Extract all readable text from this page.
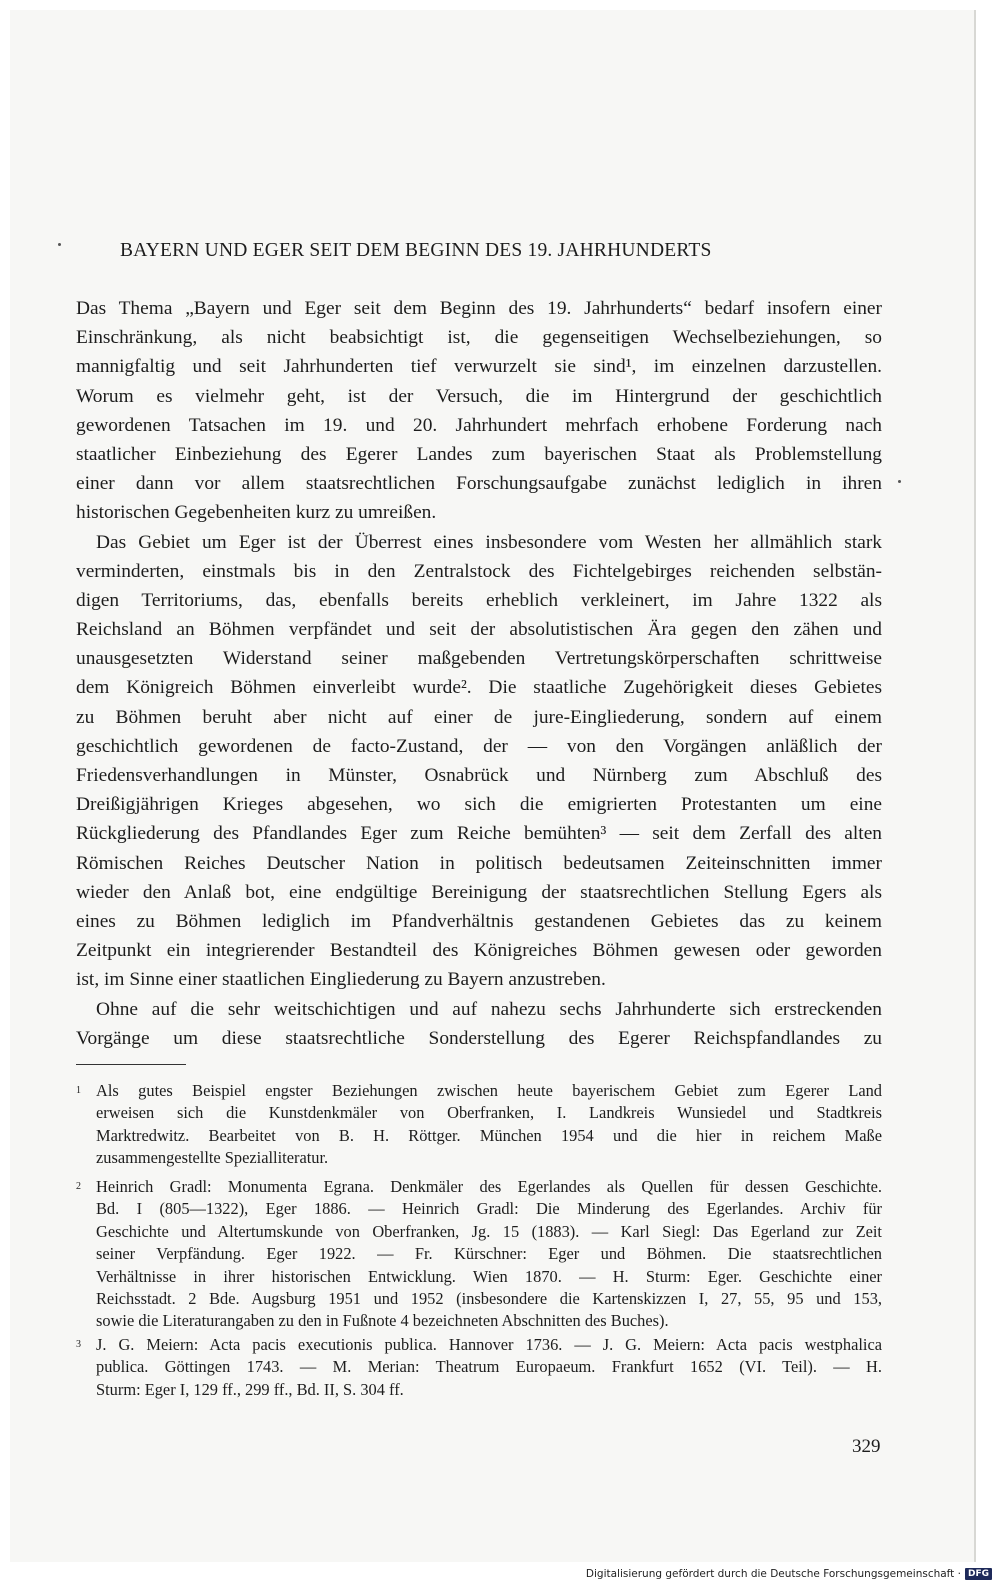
BAYERN UND EGER SEIT DEM BEGINN DES 19. JAHRHUNDERTS
Das Thema „Bayern und Eger seit dem Beginn des 19. Jahrhunderts“ bedarf insofern einer
Einschränkung, als nicht beabsichtigt ist, die gegenseitigen Wechselbeziehungen, so
mannigfaltig und seit Jahrhunderten tief verwurzelt sie sind¹, im einzelnen darzustellen.
Worum es vielmehr geht, ist der Versuch, die im Hintergrund der geschichtlich
gewordenen Tatsachen im 19. und 20. Jahrhundert mehrfach erhobene Forderung nach
staatlicher Einbeziehung des Egerer Landes zum bayerischen Staat als Problemstellung
einer dann vor allem staatsrechtlichen Forschungsaufgabe zunächst lediglich in ihren
historischen Gegebenheiten kurz zu umreißen.
Das Gebiet um Eger ist der Überrest eines insbesondere vom Westen her allmählich stark
verminderten, einstmals bis in den Zentralstock des Fichtelgebirges reichenden selbstän-
digen Territoriums, das, ebenfalls bereits erheblich verkleinert, im Jahre 1322 als
Reichsland an Böhmen verpfändet und seit der absolutistischen Ära gegen den zähen und
unausgesetzten Widerstand seiner maßgebenden Vertretungskörperschaften schrittweise
dem Königreich Böhmen einverleibt wurde². Die staatliche Zugehörigkeit dieses Gebietes
zu Böhmen beruht aber nicht auf einer de jure-Eingliederung, sondern auf einem
geschichtlich gewordenen de facto-Zustand, der — von den Vorgängen anläßlich der
Friedensverhandlungen in Münster, Osnabrück und Nürnberg zum Abschluß des
Dreißigjährigen Krieges abgesehen, wo sich die emigrierten Protestanten um eine
Rückgliederung des Pfandlandes Eger zum Reiche bemühten³ — seit dem Zerfall des alten
Römischen Reiches Deutscher Nation in politisch bedeutsamen Zeiteinschnitten immer
wieder den Anlaß bot, eine endgültige Bereinigung der staatsrechtlichen Stellung Egers als
eines zu Böhmen lediglich im Pfandverhältnis gestandenen Gebietes das zu keinem
Zeitpunkt ein integrierender Bestandteil des Königreiches Böhmen gewesen oder geworden
ist, im Sinne einer staatlichen Eingliederung zu Bayern anzustreben.
Ohne auf die sehr weitschichtigen und auf nahezu sechs Jahrhunderte sich erstreckenden
Vorgänge um diese staatsrechtliche Sonderstellung des Egerer Reichspfandlandes zu
1 Als gutes Beispiel engster Beziehungen zwischen heute bayerischem Gebiet zum Egerer Land
erweisen sich die Kunstdenkmäler von Oberfranken, I. Landkreis Wunsiedel und Stadtkreis
Marktredwitz. Bearbeitet von B. H. Röttger. München 1954 und die hier in reichem Maße
zusammengestellte Spezialliteratur.
2 Heinrich Gradl: Monumenta Egrana. Denkmäler des Egerlandes als Quellen für dessen Geschichte.
Bd. I (805—1322), Eger 1886. — Heinrich Gradl: Die Minderung des Egerlandes. Archiv für
Geschichte und Altertumskunde von Oberfranken, Jg. 15 (1883). — Karl Siegl: Das Egerland zur Zeit
seiner Verpfändung. Eger 1922. — Fr. Kürschner: Eger und Böhmen. Die staatsrechtlichen
Verhältnisse in ihrer historischen Entwicklung. Wien 1870. — H. Sturm: Eger. Geschichte einer
Reichsstadt. 2 Bde. Augsburg 1951 und 1952 (insbesondere die Kartenskizzen I, 27, 55, 95 und 153,
sowie die Literaturangaben zu den in Fußnote 4 bezeichneten Abschnitten des Buches).
3 J. G. Meiern: Acta pacis executionis publica. Hannover 1736. — J. G. Meiern: Acta pacis westphalica
publica. Göttingen 1743. — M. Merian: Theatrum Europaeum. Frankfurt 1652 (VI. Teil). — H.
Sturm: Eger I, 129 ff., 299 ff., Bd. II, S. 304 ff.
329
Digitalisierung gefördert durch die Deutsche Forschungsgemeinschaft · DFG
